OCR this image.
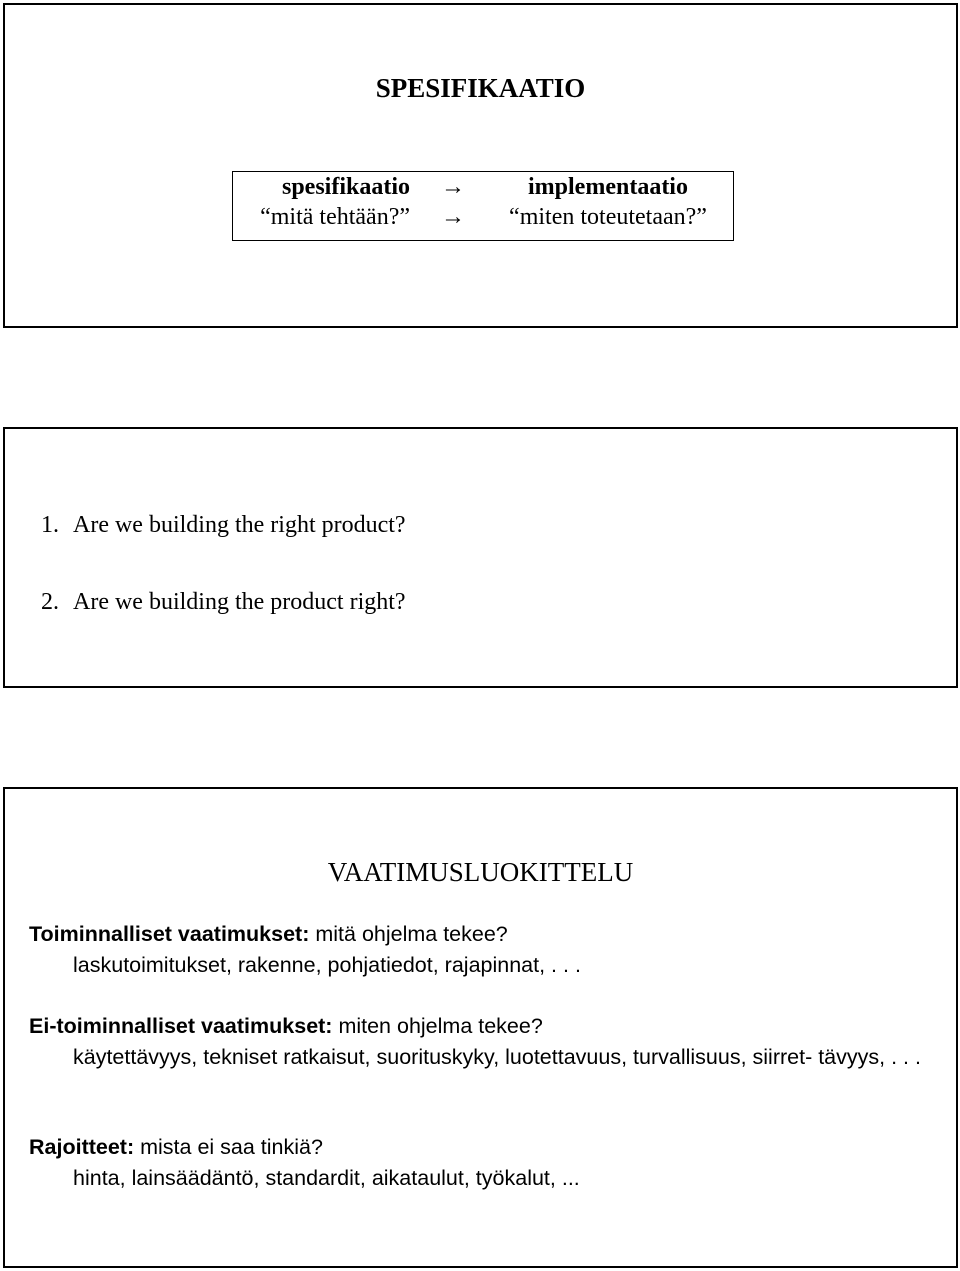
SPESIFIKAATIO
spesifikaatio →	implementaatio
“mitä tehtään?” →	“miten toteutetaan?”
1. Are we building the right product?
2. Are we building the product right?
VAATIMUSLUOKITTELU
Toiminnalliset vaatimukset: mitä ohjelma tekee?
laskutoimitukset, rakenne, pohjatiedot, rajapinnat, . . .
Ei-toiminnalliset vaatimukset: miten ohjelma tekee?
käytettävyys, tekniset ratkaisut, suorituskyky, luotettavuus, turvallisuus, siirret- tävyys, . . .
Rajoitteet: mista ei saa tinkiä?
hinta, lainsäädäntö, standardit, aikataulut, työkalut, ...
